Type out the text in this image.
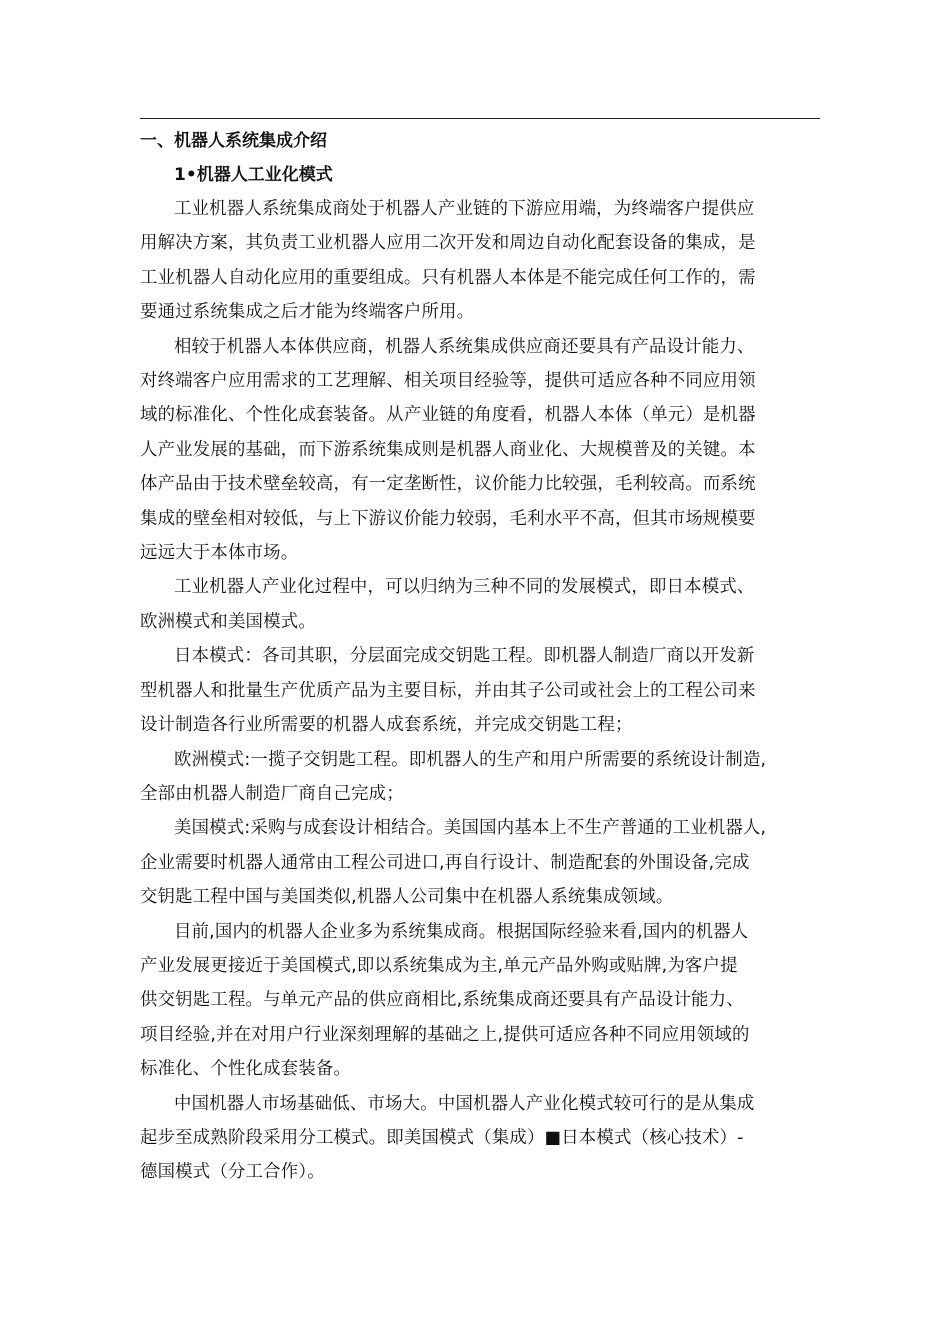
一、机器人系统集成介绍
1•机器人工业化模式

工业机器人系统集成商处于机器人产业链的下游应用端，为终端客户提供应
用解决方案，其负责工业机器人应用二次开发和周边自动化配套设备的集成，是
工业机器人自动化应用的重要组成。只有机器人本体是不能完成任何工作的，需
要通过系统集成之后才能为终端客户所用。

相较于机器人本体供应商，机器人系统集成供应商还要具有产品设计能力、
对终端客户应用需求的工艺理解、相关项目经验等，提供可适应各种不同应用领
域的标准化、个性化成套装备。从产业链的角度看，机器人本体（单元）是机器
人产业发展的基础，而下游系统集成则是机器人商业化、大规模普及的关键。本
体产品由于技术壁垒较高，有一定垄断性，议价能力比较强，毛利较高。而系统
集成的壁垒相对较低，与上下游议价能力较弱，毛利水平不高，但其市场规模要
远远大于本体市场。

工业机器人产业化过程中，可以归纳为三种不同的发展模式，即日本模式、
欧洲模式和美国模式。

日本模式：各司其职，分层面完成交钥匙工程。即机器人制造厂商以开发新
型机器人和批量生产优质产品为主要目标，并由其子公司或社会上的工程公司来
设计制造各行业所需要的机器人成套系统，并完成交钥匙工程；

欧洲模式:一揽子交钥匙工程。即机器人的生产和用户所需要的系统设计制造,
全部由机器人制造厂商自己完成；

美国模式:采购与成套设计相结合。美国国内基本上不生产普通的工业机器人,
企业需要时机器人通常由工程公司进口,再自行设计、制造配套的外围设备,完成
交钥匙工程中国与美国类似,机器人公司集中在机器人系统集成领域。

目前,国内的机器人企业多为系统集成商。根据国际经验来看,国内的机器人
产业发展更接近于美国模式,即以系统集成为主,单元产品外购或贴牌,为客户提
供交钥匙工程。与单元产品的供应商相比,系统集成商还要具有产品设计能力、
项目经验,并在对用户行业深刻理解的基础之上,提供可适应各种不同应用领域的
标准化、个性化成套装备。

中国机器人市场基础低、市场大。中国机器人产业化模式较可行的是从集成
起步至成熟阶段采用分工模式。即美国模式（集成）■日本模式（核心技术）-
德国模式（分工合作）。
